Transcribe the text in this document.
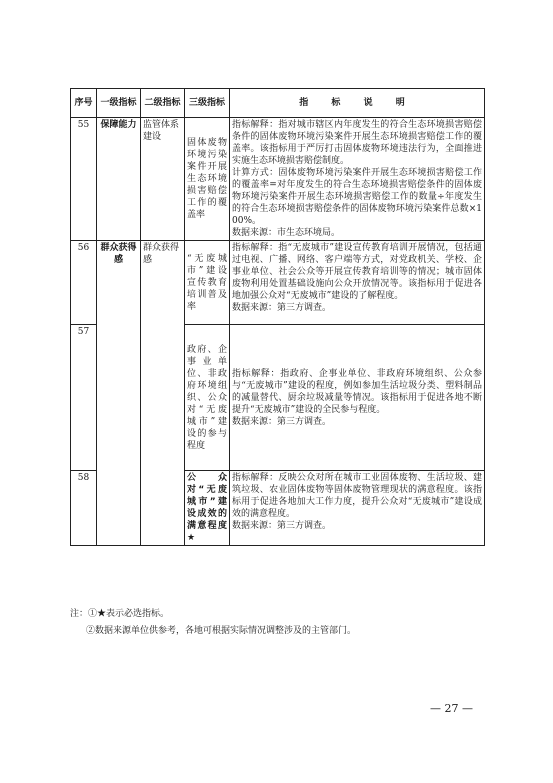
序号	一级指标	二级指标	三级指标	指 标 说 明
55	保障能力	监管体系建设	固体废物环境污染案件开展生态环境损害赔偿工作的覆盖率	指标解释：指对城市辖区内年度发生的符合生态环境损害赔偿条件的固体废物环境污染案件开展生态环境损害赔偿工作的覆盖率。该指标用于严厉打击固体废物环境违法行为，全面推进实施生态环境损害赔偿制度。
计算方式：固体废物环境污染案件开展生态环境损害赔偿工作的覆盖率=对年度发生的符合生态环境损害赔偿条件的固体废物环境污染案件开展生态环境损害赔偿工作的数量÷年度发生的符合生态环境损害赔偿条件的固体废物环境污染案件总数×100%。
数据来源：市生态环境局。

56	群众获得感	群众获得感	“无废城市”建设宣传教育培训普及率	指标解释：指“无废城市”建设宣传教育培训开展情况，包括通过电视、广播、网络、客户端等方式，对党政机关、学校、企事业单位、社会公众等开展宣传教育培训等的情况；城市固体废物利用处置基础设施向公众开放情况等。该指标用于促进各地加强公众对“无废城市”建设的了解程度。
数据来源：第三方调查。

57			政府、企事业单位、非政府环境组织、公众对“无废城市”建设的参与程度	指标解释：指政府、企事业单位、非政府环境组织、公众参与“无废城市”建设的程度，例如参加生活垃圾分类、塑料制品的减量替代、厨余垃圾减量等情况。该指标用于促进各地不断提升“无废城市”建设的全民参与程度。
数据来源：第三方调查。

58			公众对“无废城市”建设成效的满意程度★	指标解释：反映公众对所在城市工业固体废物、生活垃圾、建筑垃圾、农业固体废物等固体废物管理现状的满意程度。该指标用于促进各地加大工作力度，提升公众对“无废城市”建设成效的满意程度。
数据来源：第三方调查。
注：①★表示必选指标。
②数据来源单位供参考，各地可根据实际情况调整涉及的主管部门。
— 27 —
